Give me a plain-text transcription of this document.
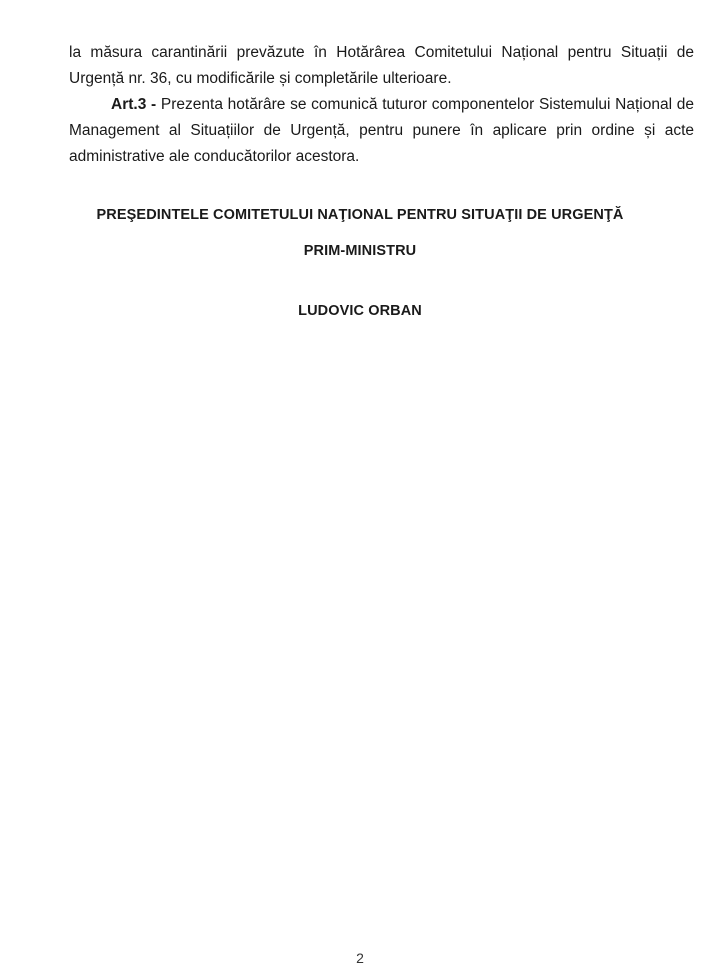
la măsura carantinării prevăzute în Hotărârea Comitetului Național pentru Situații de Urgență nr. 36, cu modificările și completările ulterioare.

Art.3 - Prezenta hotărâre se comunică tuturor componentelor Sistemului Național de Management al Situațiilor de Urgență, pentru punere în aplicare prin ordine și acte administrative ale conducătorilor acestora.

PREŞEDINTELE COMITETULUI NAŢIONAL PENTRU SITUAŢII DE URGENŢĂ
PRIM-MINISTRU
LUDOVIC ORBAN
2
